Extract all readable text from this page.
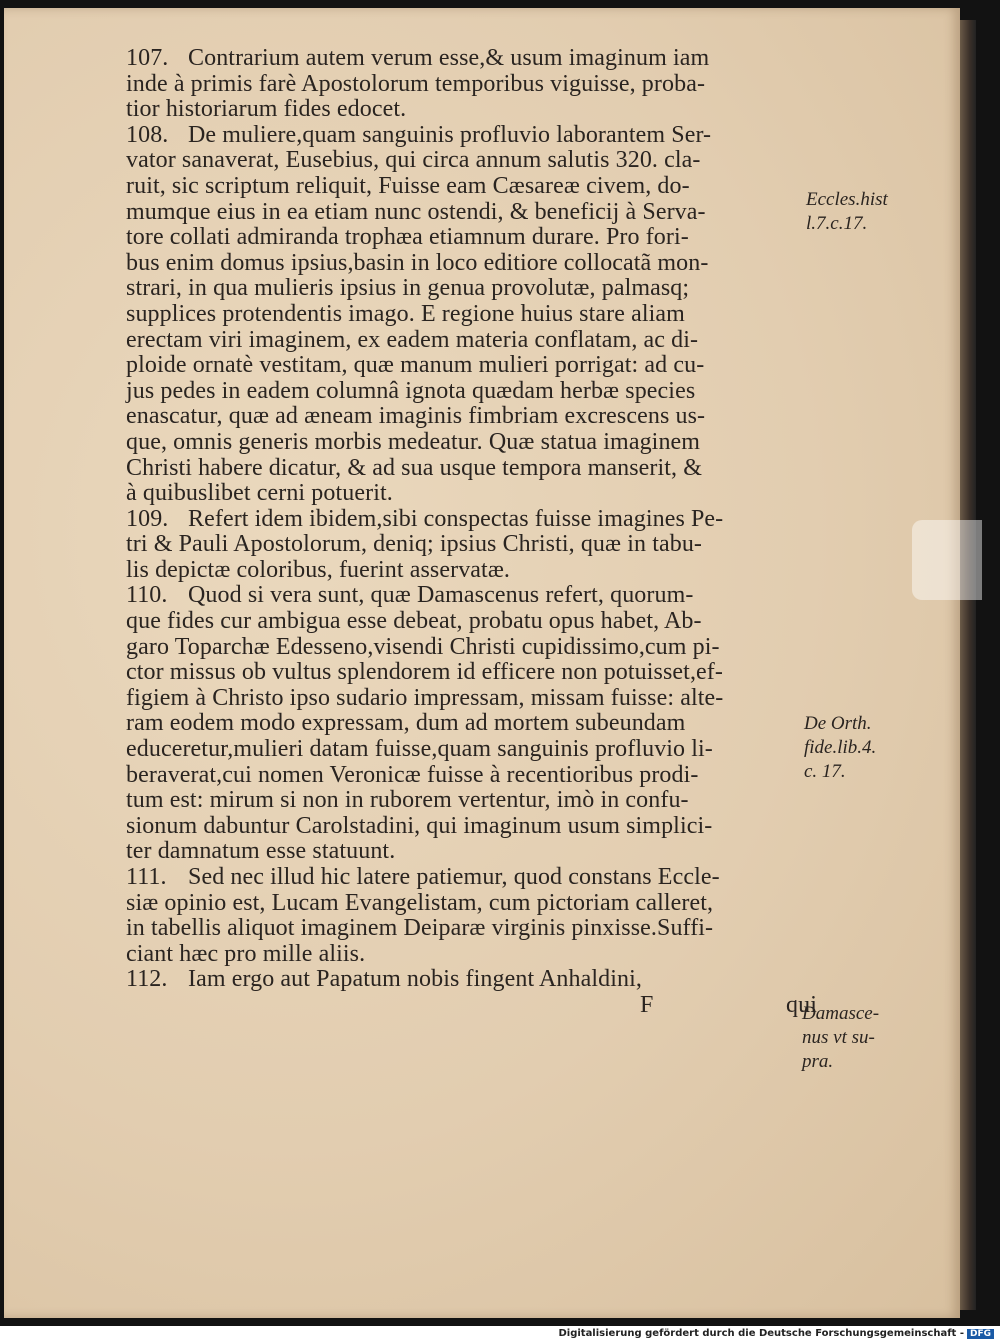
107. Contrarium autem verum esse,& usum imaginum iam
inde à primis farè Apostolorum temporibus viguisse, proba-
tior historiarum fides edocet.
108. De muliere,quam sanguinis profluvio laborantem Ser-
vator sanaverat, Eusebius, qui circa annum salutis 320. cla-
ruit, sic scriptum reliquit, Fuisse eam Cæsareæ civem, do-
mumque eius in ea etiam nunc ostendi, & beneficij à Serva-
tore collati admiranda trophæa etiamnum durare. Pro fori-
bus enim domus ipsius,basin in loco editiore collocatã mon-
strari, in qua mulieris ipsius in genua provolutæ, palmasq;
supplices protendentis imago. E regione huius stare aliam
erectam viri imaginem, ex eadem materia conflatam, ac di-
ploide ornatè vestitam, quæ manum mulieri porrigat: ad cu-
jus pedes in eadem columnâ ignota quædam herbæ species
enascatur, quæ ad æneam imaginis fimbriam excrescens us-
que, omnis generis morbis medeatur. Quæ statua imaginem
Christi habere dicatur, & ad sua usque tempora manserit, &
à quibuslibet cerni potuerit.
109. Refert idem ibidem,sibi conspectas fuisse imagines Pe-
tri & Pauli Apostolorum, deniq; ipsius Christi, quæ in tabu-
lis depictæ coloribus, fuerint asservatæ.
110. Quod si vera sunt, quæ Damascenus refert, quorum-
que fides cur ambigua esse debeat, probatu opus habet, Ab-
garo Toparchæ Edesseno,visendi Christi cupidissimo,cum pi-
ctor missus ob vultus splendorem id efficere non potuisset,ef-
figiem à Christo ipso sudario impressam, missam fuisse: alte-
ram eodem modo expressam, dum ad mortem subeundam
educeretur,mulieri datam fuisse,quam sanguinis profluvio li-
beraverat,cui nomen Veronicæ fuisse à recentioribus prodi-
tum est: mirum si non in ruborem vertentur, imò in confu-
sionum dabuntur Carolstadini, qui imaginum usum simplici-
ter damnatum esse statuunt.
111. Sed nec illud hic latere patiemur, quod constans Eccle-
siæ opinio est, Lucam Evangelistam, cum pictoriam calleret,
in tabellis aliquot imaginem Deiparæ virginis pinxisse.Suffi-
ciant hæc pro mille aliis.
112. Iam ergo aut Papatum nobis fingent Anhaldini,
F	qui
Eccles.hist
l.7.c.17.
De Orth.
fide.lib.4.
c. 17.
Damasce-
nus vt su-
pra.
Digitalisierung gefördert durch die Deutsche Forschungsgemeinschaft - DFG
